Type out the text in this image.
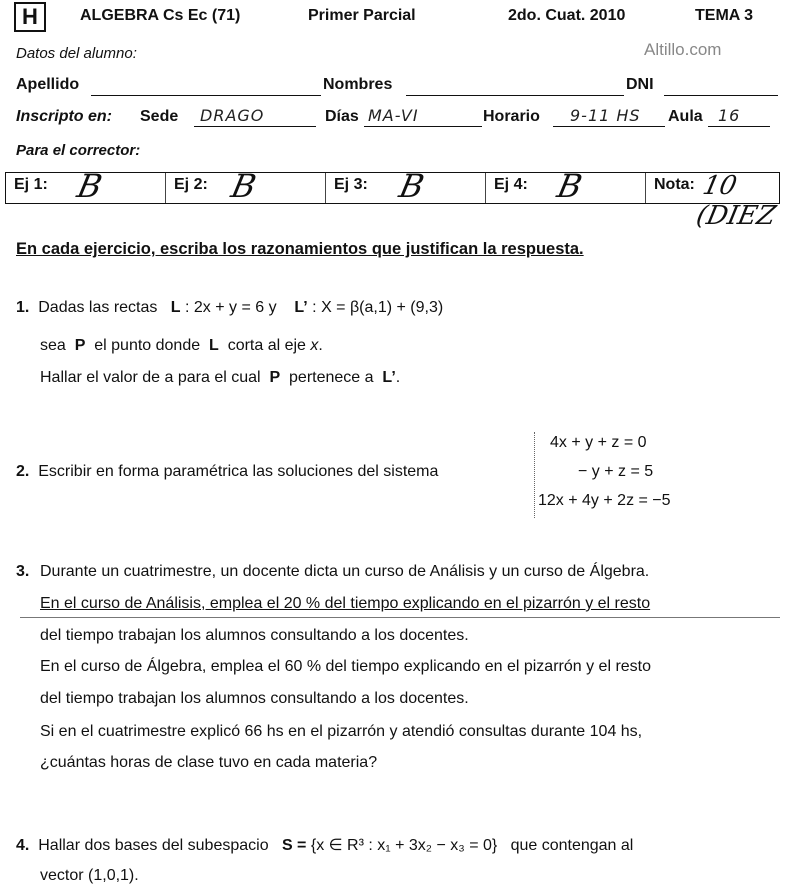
H	ALGEBRA Cs Ec (71)	Primer Parcial	2do. Cuat. 2010	TEMA 3
Altillo.com
Datos del alumno:
Apellido	Nombres	DNI
Inscripto en: Sede DRAGO	Días MA-VI	Horario 9-11 HS Aula 16
Para el corrector:
Ej 1: B	Ej 2: B	Ej 3: B	Ej 4: B	Nota: 10 (DIEZ
En cada ejercicio, escriba los razonamientos que justifican la respuesta.
1. Dadas las rectas L : 2x + y = 6 y L’ : X = β(a,1) + (9,3)
sea P el punto donde L corta al eje x.
Hallar el valor de a para el cual P pertenece a L’.
2. Escribir en forma paramétrica las soluciones del sistema
4x + y + z = 0
− y + z = 5
12x + 4y + 2z = −5
3. Durante un cuatrimestre, un docente dicta un curso de Análisis y un curso de Álgebra.
En el curso de Análisis, emplea el 20 % del tiempo explicando en el pizarrón y el resto
del tiempo trabajan los alumnos consultando a los docentes.
En el curso de Álgebra, emplea el 60 % del tiempo explicando en el pizarrón y el resto
del tiempo trabajan los alumnos consultando a los docentes.
Si en el cuatrimestre explicó 66 hs en el pizarrón y atendió consultas durante 104 hs,
¿cuántas horas de clase tuvo en cada materia?
4. Hallar dos bases del subespacio S = {x ∈ R³ : x₁ + 3x₂ − x₃ = 0} que contengan al
vector (1,0,1).
